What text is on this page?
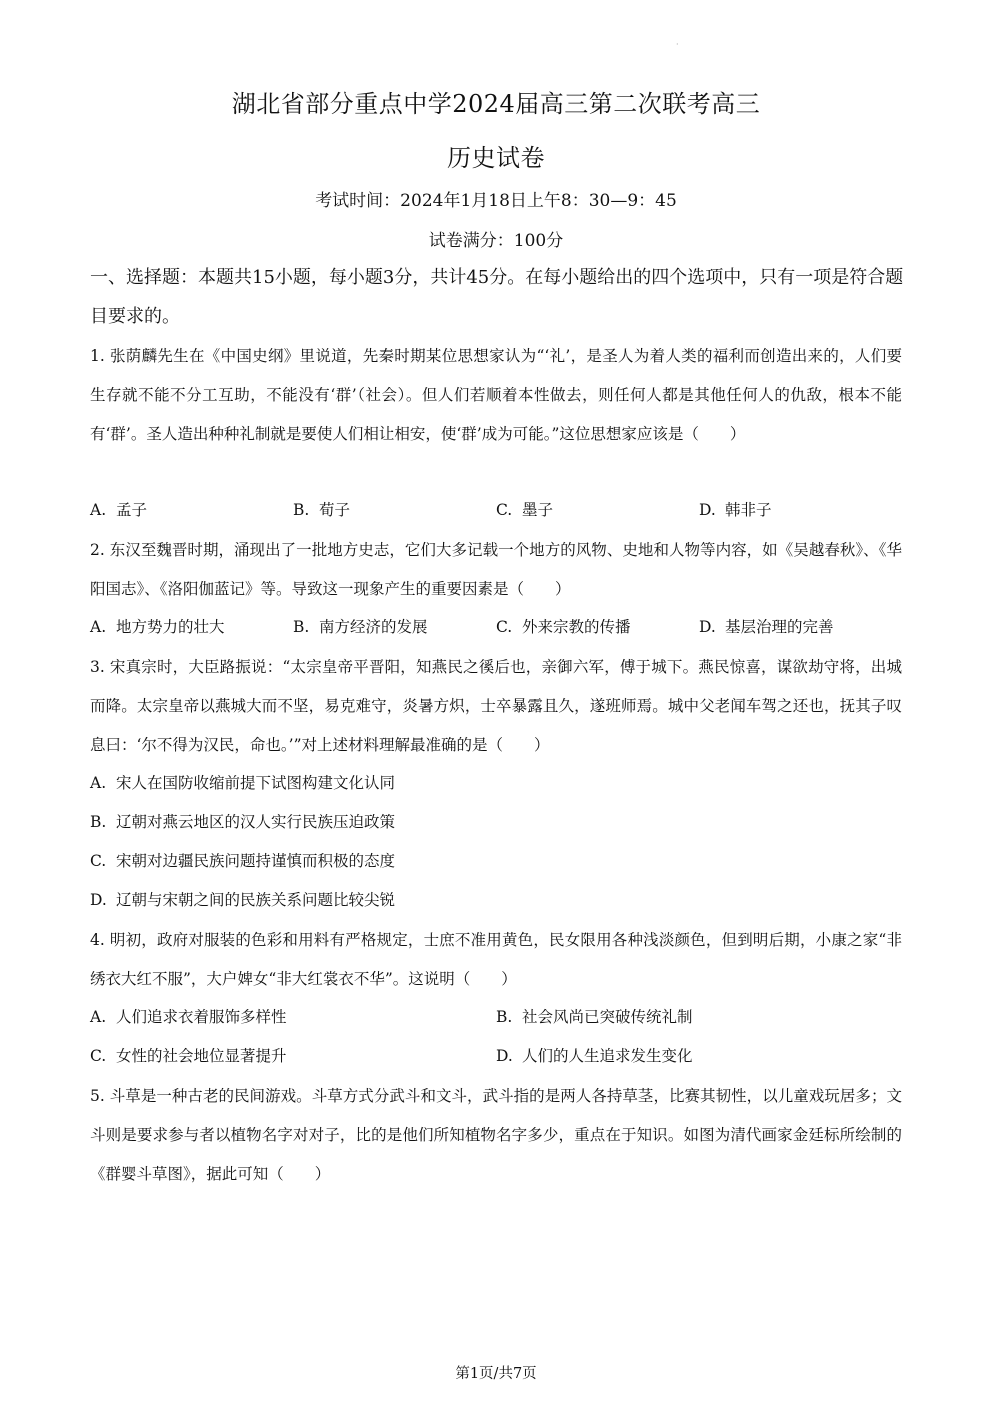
·
湖北省部分重点中学2024届高三第二次联考高三
历史试卷
考试时间：2024年1月18日上午8：30—9：45
试卷满分：100分
一、选择题：本题共15小题，每小题3分，共计45分。在每小题给出的四个选项中，只有一项是符合题目要求的。
1. 张荫麟先生在《中国史纲》里说道，先秦时期某位思想家认为“‘礼’，是圣人为着人类的福利而创造出来的，人们要生存就不能不分工互助，不能没有‘群’（社会）。但人们若顺着本性做去，则任何人都是其他任何人的仇敌，根本不能有‘群’。圣人造出种种礼制就是要使人们相让相安，使‘群’成为可能。”这位思想家应该是（　　）
A. 孟子	B. 荀子	C. 墨子	D. 韩非子
2. 东汉至魏晋时期，涌现出了一批地方史志，它们大多记载一个地方的风物、史地和人物等内容，如《吴越春秋》、《华阳国志》、《洛阳伽蓝记》等。导致这一现象产生的重要因素是（　　）
A. 地方势力的壮大	B. 南方经济的发展	C. 外来宗教的传播	D. 基层治理的完善
3. 宋真宗时，大臣路振说：“太宗皇帝平晋阳，知燕民之徯后也，亲御六军，傅于城下。燕民惊喜，谋欲劫守将，出城而降。太宗皇帝以燕城大而不坚，易克难守，炎暑方炽，士卒暴露且久，遂班师焉。城中父老闻车驾之还也，抚其子叹息曰：‘尔不得为汉民，命也。’”对上述材料理解最准确的是（　　）
A. 宋人在国防收缩前提下试图构建文化认同
B. 辽朝对燕云地区的汉人实行民族压迫政策
C. 宋朝对边疆民族问题持谨慎而积极的态度
D. 辽朝与宋朝之间的民族关系问题比较尖锐
4. 明初，政府对服装的色彩和用料有严格规定，士庶不准用黄色，民女限用各种浅淡颜色，但到明后期，小康之家“非绣衣大红不服”，大户婢女“非大红裳衣不华”。这说明（　　）
A. 人们追求衣着服饰多样性	B. 社会风尚已突破传统礼制
C. 女性的社会地位显著提升	D. 人们的人生追求发生变化
5. 斗草是一种古老的民间游戏。斗草方式分武斗和文斗，武斗指的是两人各持草茎，比赛其韧性，以儿童戏玩居多；文斗则是要求参与者以植物名字对对子，比的是他们所知植物名字多少，重点在于知识。如图为清代画家金廷标所绘制的《群婴斗草图》，据此可知（　　）
第1页/共7页
